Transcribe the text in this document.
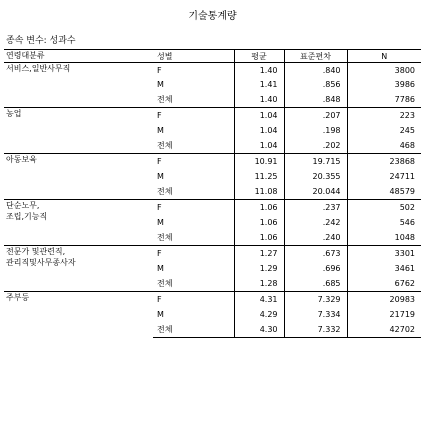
기술통계량
종속 변수: 성과수
연령대분류	성별	평균	표준편차	N

서비스,일반사무직	F	1.40	.840	3800
	M	1.41	.856	3986
	전체	1.40	.848	7786

농업	F	1.04	.207	223
	M	1.04	.198	245
	전체	1.04	.202	468

아동보육	F	10.91	19.715	23868
	M	11.25	20.355	24711
	전체	11.08	20.044	48579

단순노무,
조립,기능직	F	1.06	.237	502
	M	1.06	.242	546
	전체	1.06	.240	1048

전문가 및관련직,
관리직및사무종사자	F	1.27	.673	3301
	M	1.29	.696	3461
	전체	1.28	.685	6762

주부등	F	4.31	7.329	20983
	M	4.29	7.334	21719
	전체	4.30	7.332	42702
